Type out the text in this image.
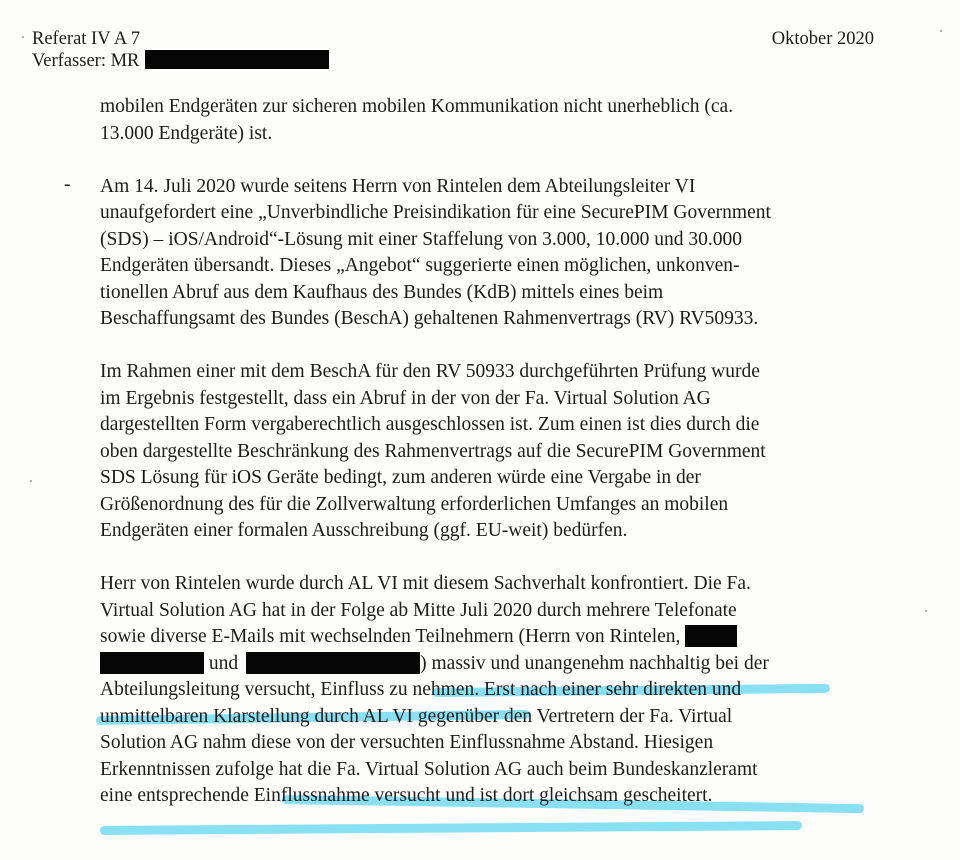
Referat IV A 7
Verfasser: MR
Oktober 2020
mobilen Endgeräten zur sicheren mobilen Kommunikation nicht unerheblich (ca.
13.000 Endgeräte) ist.
- Am 14. Juli 2020 wurde seitens Herrn von Rintelen dem Abteilungsleiter VI
unaufgefordert eine „Unverbindliche Preisindikation für eine SecurePIM Government
(SDS) – iOS/Android“-Lösung mit einer Staffelung von 3.000, 10.000 und 30.000
Endgeräten übersandt. Dieses „Angebot“ suggerierte einen möglichen, unkonven-
tionellen Abruf aus dem Kaufhaus des Bundes (KdB) mittels eines beim
Beschaffungsamt des Bundes (BeschA) gehaltenen Rahmenvertrags (RV) RV50933.
Im Rahmen einer mit dem BeschA für den RV 50933 durchgeführten Prüfung wurde
im Ergebnis festgestellt, dass ein Abruf in der von der Fa. Virtual Solution AG
dargestellten Form vergaberechtlich ausgeschlossen ist. Zum einen ist dies durch die
oben dargestellte Beschränkung des Rahmenvertrags auf die SecurePIM Government
SDS Lösung für iOS Geräte bedingt, zum anderen würde eine Vergabe in der
Größenordnung des für die Zollverwaltung erforderlichen Umfanges an mobilen
Endgeräten einer formalen Ausschreibung (ggf. EU-weit) bedürfen.
Herr von Rintelen wurde durch AL VI mit diesem Sachverhalt konfrontiert. Die Fa.
Virtual Solution AG hat in der Folge ab Mitte Juli 2020 durch mehrere Telefonate
sowie diverse E-Mails mit wechselnden Teilnehmern (Herrn von Rintelen,
und	) massiv und unangenehm nachhaltig bei der
Abteilungsleitung versucht, Einfluss zu nehmen. Erst nach einer sehr direkten und
unmittelbaren Klarstellung durch AL VI gegenüber den Vertretern der Fa. Virtual
Solution AG nahm diese von der versuchten Einflussnahme Abstand. Hiesigen
Erkenntnissen zufolge hat die Fa. Virtual Solution AG auch beim Bundeskanzleramt
eine entsprechende Einflussnahme versucht und ist dort gleichsam gescheitert.
